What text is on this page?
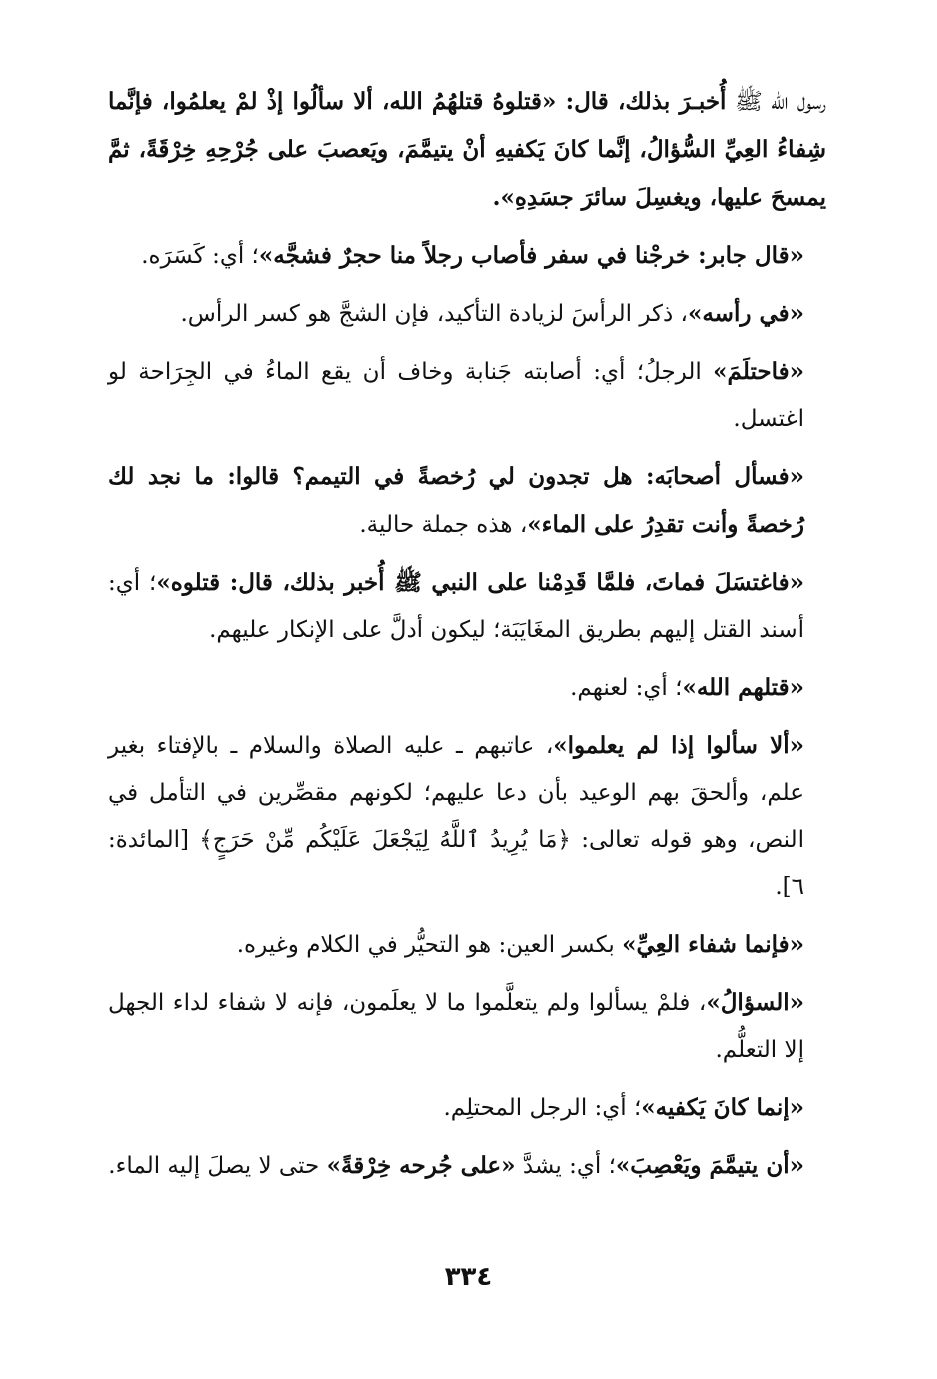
رسول الله ﷺ أُخبـرَ بذلك، قال: «قتلوهُ قتلهُمُ الله، ألا سألُوا إذْ لمْ يعلمُوا، فإنَّما شِفاءُ العِيِّ السُّؤالُ، إنَّما كانَ يَكفيهِ أنْ يتيمَّمَ، ويَعصبَ على جُرْحِهِ خِرْقَةً، ثمَّ يمسحَ عليها، ويغسِلَ سائرَ جسَدِهِ».

«قال جابر: خرجْنا في سفر فأصاب رجلاً منا حجرٌ فشجَّه»؛ أي: كَسَرَه.

«في رأسه»، ذكر الرأسَ لزيادة التأكيد، فإن الشجَّ هو كسر الرأس.

«فاحتلَمَ» الرجلُ؛ أي: أصابته جَنابة وخاف أن يقع الماءُ في الجِرَاحة لو اغتسل.

«فسأل أصحابَه: هل تجدون لي رُخصةً في التيمم؟ قالوا: ما نجد لك رُخصةً وأنت تقدِرُ على الماء»، هذه جملة حالية.

«فاغتسَلَ فماتَ، فلمَّا قَدِمْنا على النبي ﷺ أُخبر بذلك، قال: قتلوه»؛ أي: أسند القتل إليهم بطريق المغَايَبَة؛ ليكون أدلَّ على الإنكار عليهم.

«قتلهم الله»؛ أي: لعنهم.

«ألا سألوا إذا لم يعلموا»، عاتبهم ـ عليه الصلاة والسلام ـ بالإفتاء بغير علم، وألحقَ بهم الوعيد بأن دعا عليهم؛ لكونهم مقصِّرين في التأمل في النص، وهو قوله تعالى: ﴿مَا يُرِيدُ ٱللَّهُ لِيَجْعَلَ عَلَيْكُم مِّنْ حَرَجٍ﴾ [المائدة: ٦].

«فإنما شفاء العِيِّ» بكسر العين: هو التحيُّر في الكلام وغيره.

«السؤالُ»، فلمْ يسألوا ولم يتعلَّموا ما لا يعلَمون، فإنه لا شفاء لداء الجهل إلا التعلُّم.

«إنما كانَ يَكفيه»؛ أي: الرجل المحتلِم.

«أن يتيمَّمَ ويَعْصِبَ»؛ أي: يشدَّ «على جُرحه خِرْقةً» حتى لا يصلَ إليه الماء.

٣٣٤
